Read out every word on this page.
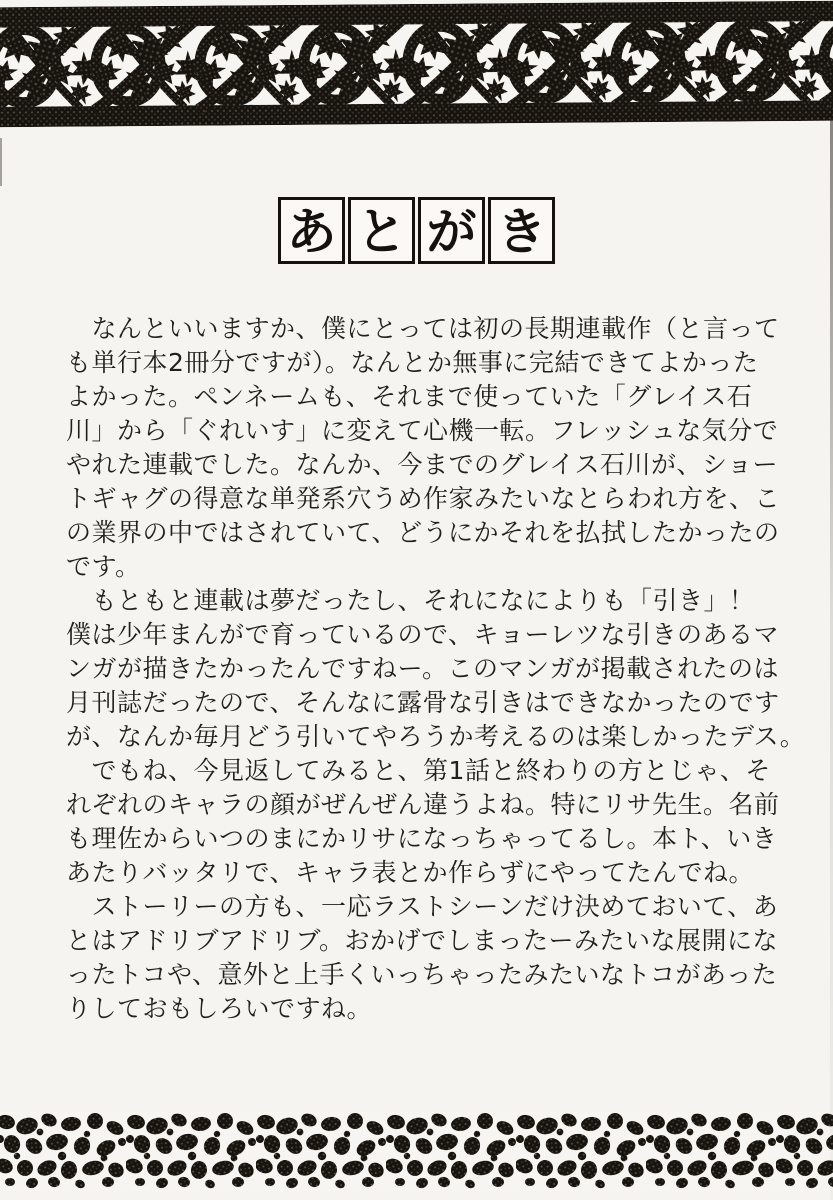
あ と が き
　なんといいますか、僕にとっては初の長期連載作（と言って
も単行本2冊分ですが）。なんとか無事に完結できてよかった
よかった。ペンネームも、それまで使っていた「グレイス石
川」から「ぐれいす」に変えて心機一転。フレッシュな気分で
やれた連載でした。なんか、今までのグレイス石川が、ショー
トギャグの得意な単発系穴うめ作家みたいなとらわれ方を、こ
の業界の中ではされていて、どうにかそれを払拭したかったの
です。
　もともと連載は夢だったし、それになによりも「引き」！
僕は少年まんがで育っているので、キョーレツな引きのあるマ
ンガが描きたかったんですねー。このマンガが掲載されたのは
月刊誌だったので、そんなに露骨な引きはできなかったのです
が、なんか毎月どう引いてやろうか考えるのは楽しかったデス。
　でもね、今見返してみると、第1話と終わりの方とじゃ、そ
れぞれのキャラの顔がぜんぜん違うよね。特にリサ先生。名前
も理佐からいつのまにかリサになっちゃってるし。本ト、いき
あたりバッタリで、キャラ表とか作らずにやってたんでね。
　ストーリーの方も、一応ラストシーンだけ決めておいて、あ
とはアドリブアドリブ。おかげでしまったーみたいな展開にな
ったトコや、意外と上手くいっちゃったみたいなトコがあった
りしておもしろいですね。
